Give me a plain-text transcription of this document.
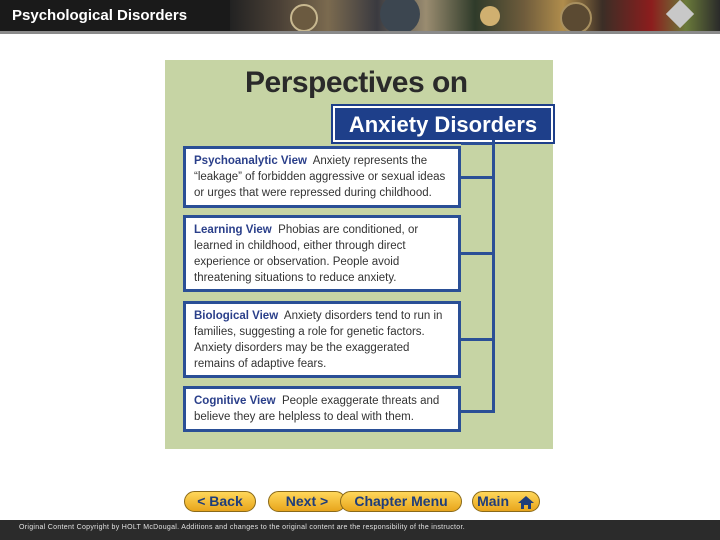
Psychological Disorders
Perspectives on
Anxiety Disorders
Psychoanalytic View Anxiety represents the “leakage” of forbidden aggressive or sexual ideas or urges that were repressed during childhood.
Learning View Phobias are conditioned, or learned in childhood, either through direct experience or observation. People avoid threatening situations to reduce anxiety.
Biological View Anxiety disorders tend to run in families, suggesting a role for genetic factors. Anxiety disorders may be the exaggerated remains of adaptive fears.
Cognitive View People exaggerate threats and believe they are helpless to deal with them.
< Back	Next >	Chapter Menu	Main
Original Content Copyright by HOLT McDougal. Additions and changes to the original content are the responsibility of the instructor.
